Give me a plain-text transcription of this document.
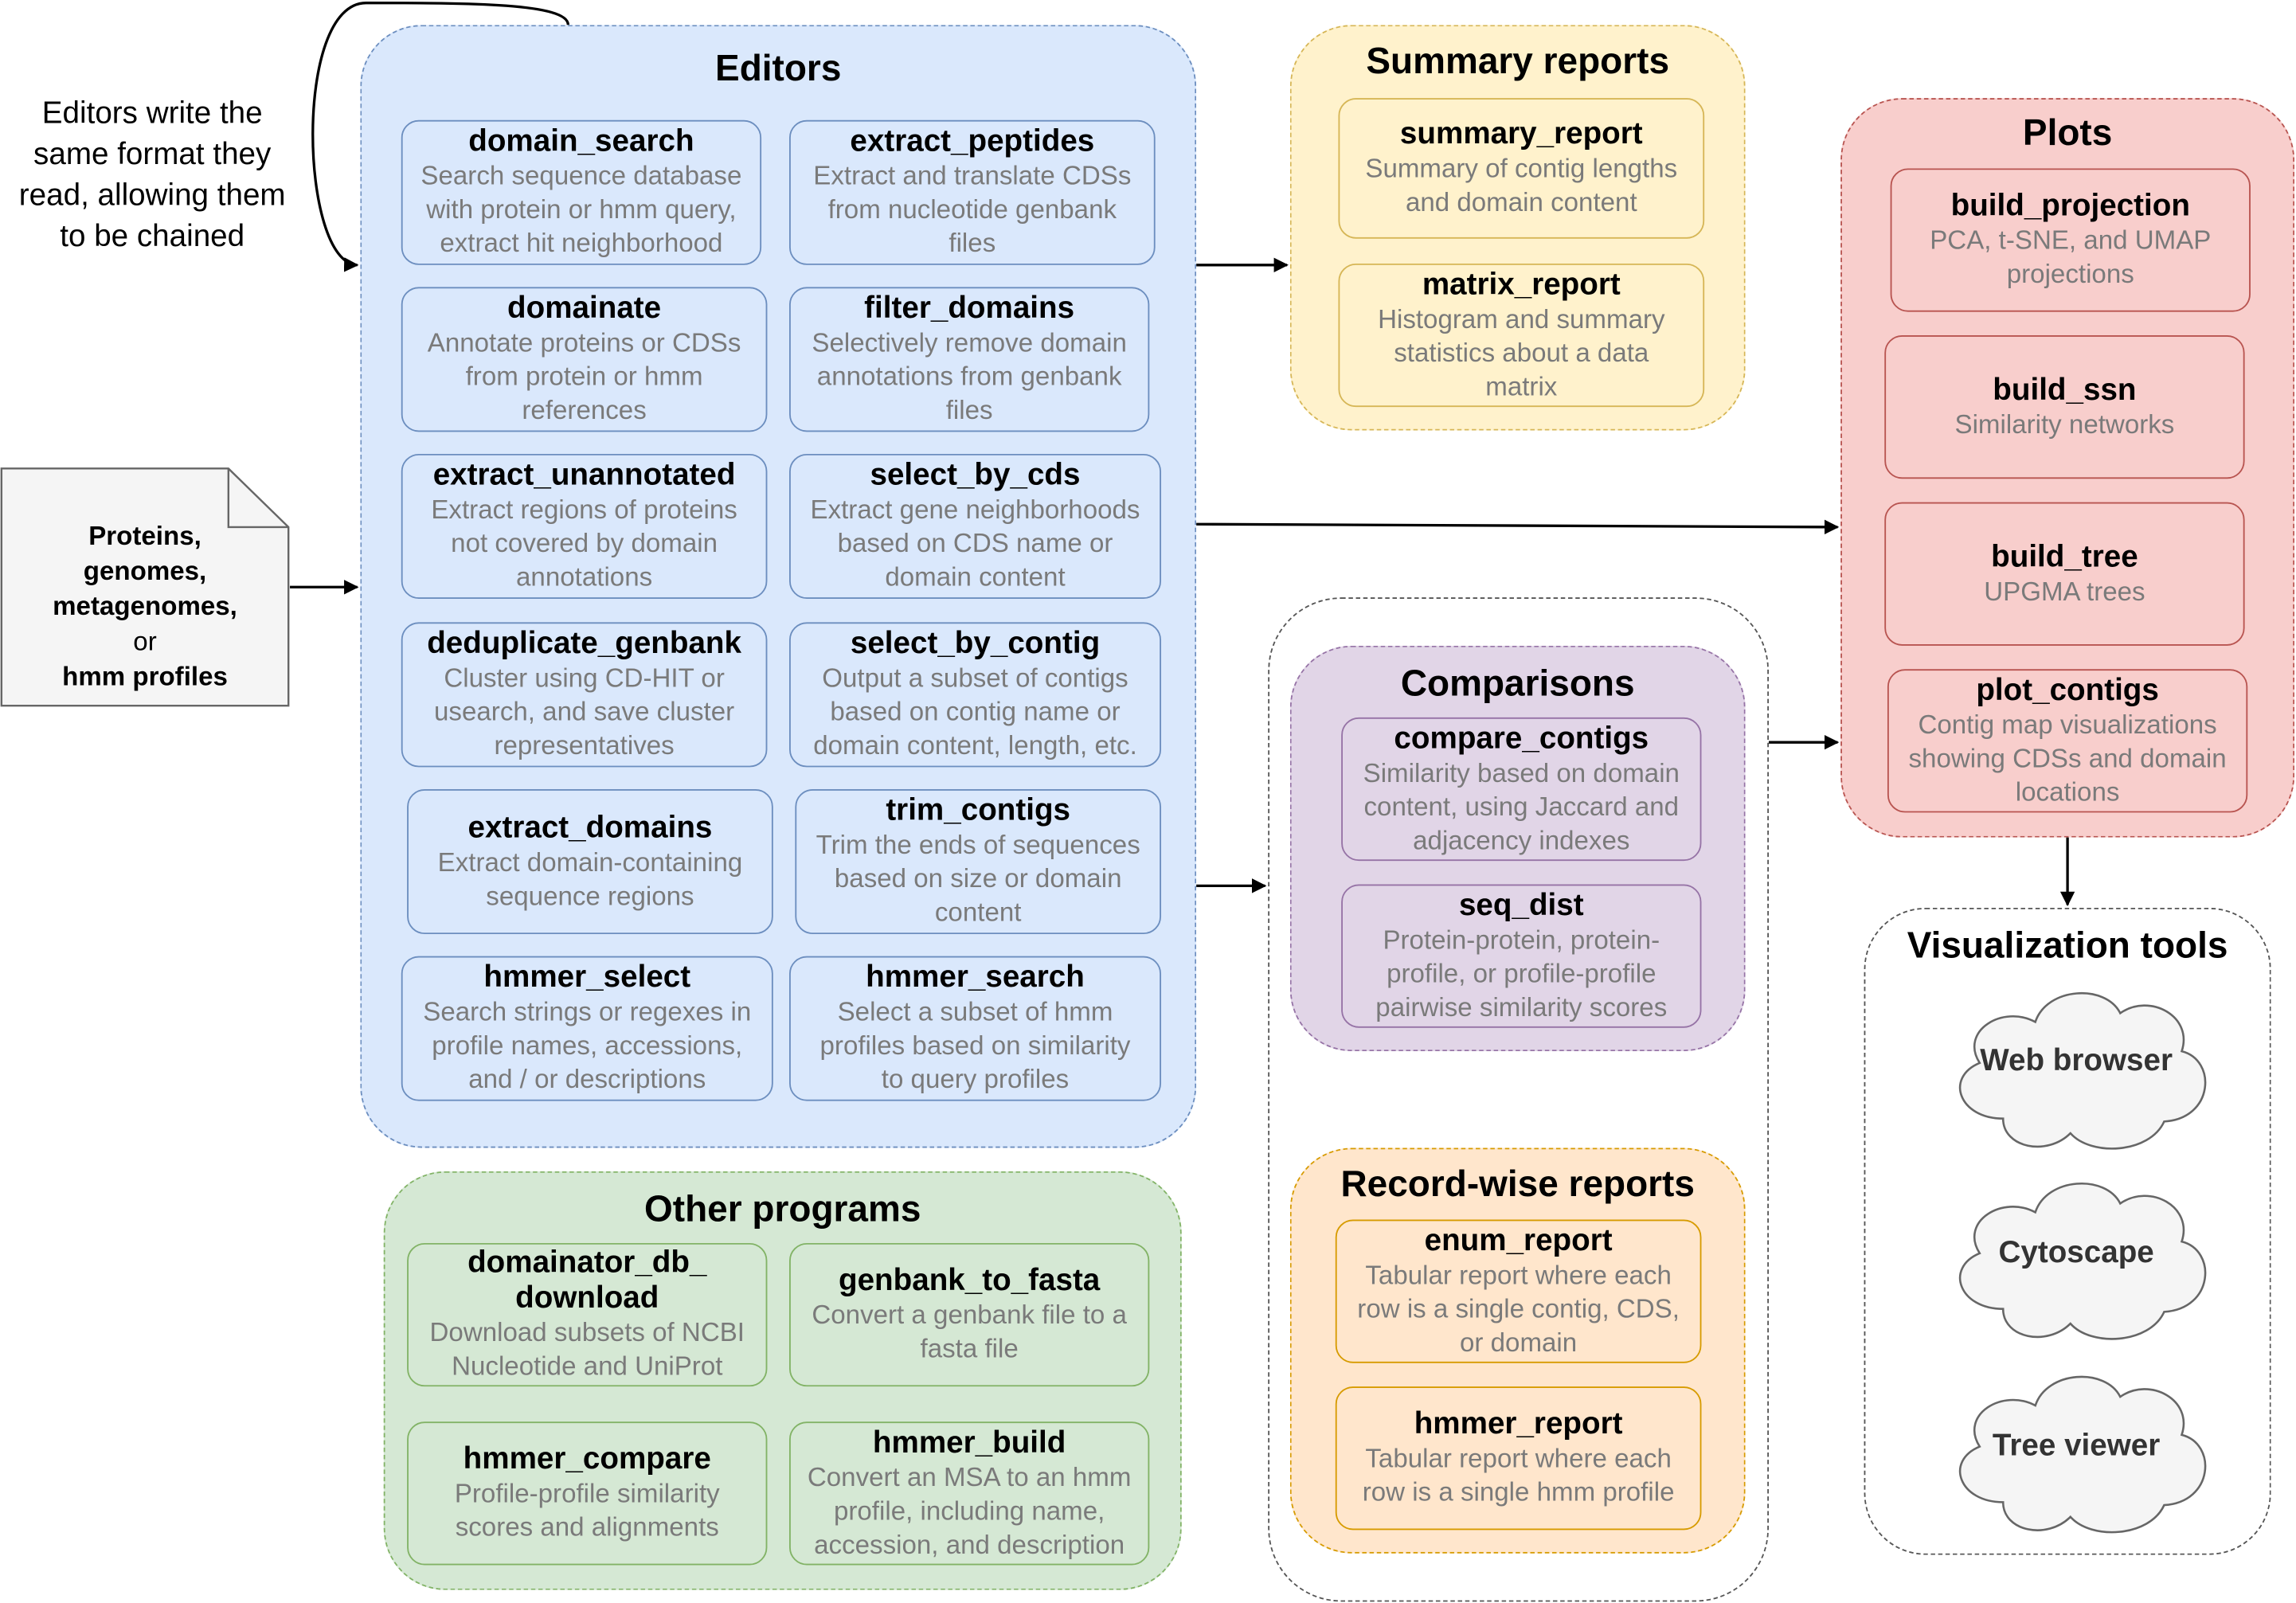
Editors write the
same format they
read, allowing them
to be chained
Proteins,
genomes,
metagenomes,
or
hmm profiles
Editors	Summary reports
Plots
Comparisons
Record-wise reports
Other programs
Visualization tools
domain_search
Search sequence database
with protein or hmm query,
extract hit neighborhood
extract_peptides
Extract and translate CDSs
from nucleotide genbank
files
domainate
Annotate proteins or CDSs
from protein or hmm
references
filter_domains
Selectively remove domain
annotations from genbank
files
extract_unannotated
Extract regions of proteins
not covered by domain
annotations
select_by_cds
Extract gene neighborhoods
based on CDS name or
domain content
deduplicate_genbank
Cluster using CD-HIT or
usearch, and save cluster
representatives
select_by_contig
Output a subset of contigs
based on contig name or
domain content, length, etc.
extract_domains
Extract domain-containing
sequence regions
trim_contigs
Trim the ends of sequences
based on size or domain
content
hmmer_select
Search strings or regexes in
profile names, accessions,
and / or descriptions
hmmer_search
Select a subset of hmm
profiles based on similarity
to query profiles
summary_report
Summary of contig lengths
and domain content
matrix_report
Histogram and summary
statistics about a data
matrix
build_projection
PCA, t-SNE, and UMAP
projections
build_ssn
Similarity networks
build_tree
UPGMA trees
plot_contigs
Contig map visualizations
showing CDSs and domain
locations
compare_contigs
Similarity based on domain
content, using Jaccard and
adjacency indexes
seq_dist
Protein-protein, protein-
profile, or profile-profile
pairwise similarity scores
enum_report
Tabular report where each
row is a single contig, CDS,
or domain
hmmer_report
Tabular report where each
row is a single hmm profile
domainator_db_
download
Download subsets of NCBI
Nucleotide and UniProt
genbank_to_fasta
Convert a genbank file to a
fasta file
hmmer_compare
Profile-profile similarity
scores and alignments
hmmer_build
Convert an MSA to an hmm
profile, including name,
accession, and description
Web browser
Cytoscape
Tree viewer
